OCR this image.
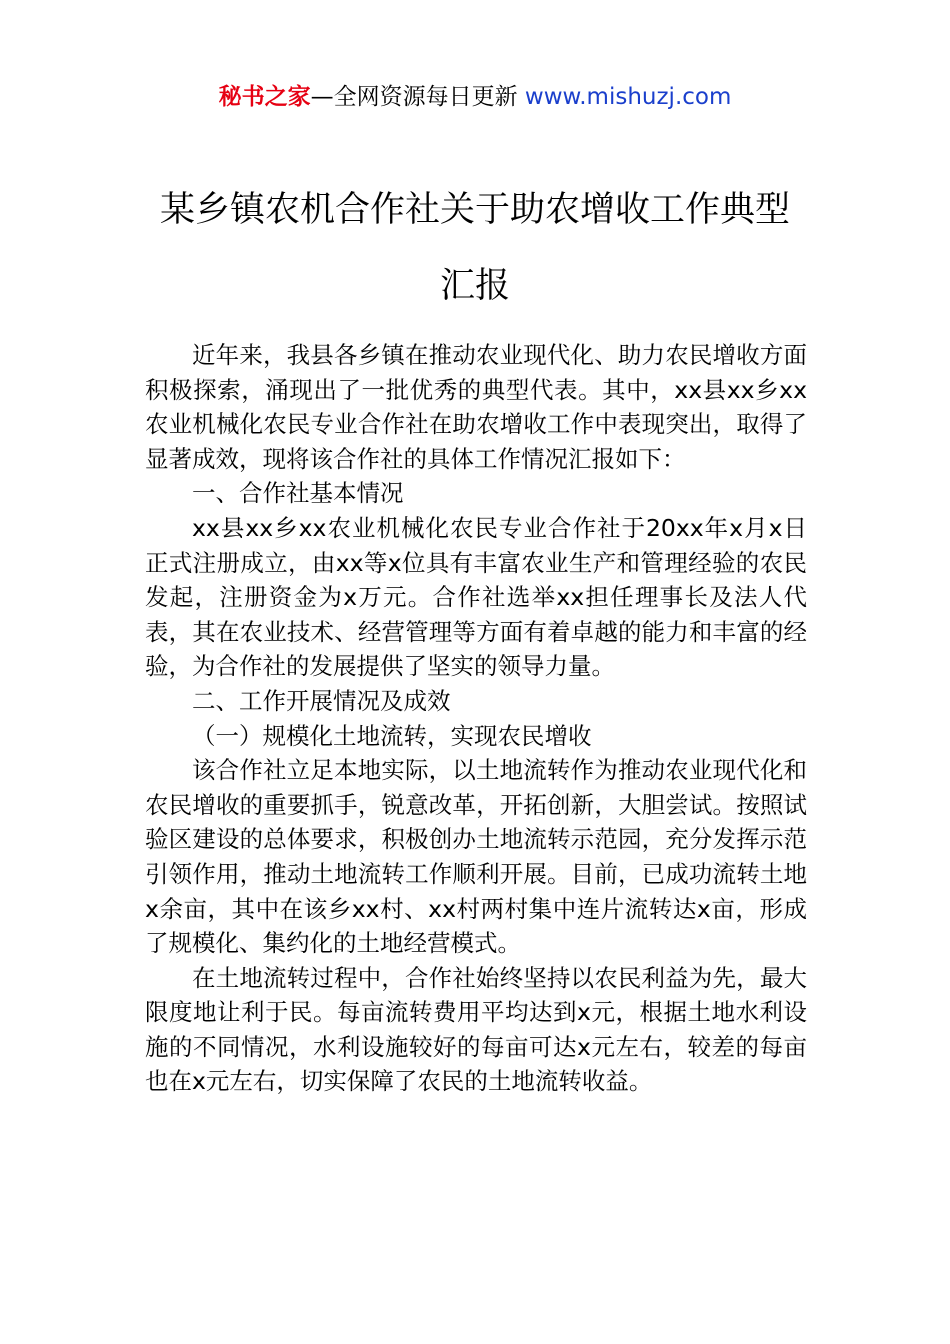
秘书之家—全网资源每日更新 www.mishuzj.com
某乡镇农机合作社关于助农增收工作典型
汇报

近年来，我县各乡镇在推动农业现代化、助力农民增收方面积极探索，涌现出了一批优秀的典型代表。其中，xx县xx乡xx农业机械化农民专业合作社在助农增收工作中表现突出，取得了显著成效，现将该合作社的具体工作情况汇报如下：

一、合作社基本情况

xx县xx乡xx农业机械化农民专业合作社于20xx年x月x日正式注册成立，由xx等x位具有丰富农业生产和管理经验的农民发起，注册资金为x万元。合作社选举xx担任理事长及法人代表，其在农业技术、经营管理等方面有着卓越的能力和丰富的经验，为合作社的发展提供了坚实的领导力量。

二、工作开展情况及成效

（一）规模化土地流转，实现农民增收

该合作社立足本地实际，以土地流转作为推动农业现代化和农民增收的重要抓手，锐意改革，开拓创新，大胆尝试。按照试验区建设的总体要求，积极创办土地流转示范园，充分发挥示范引领作用，推动土地流转工作顺利开展。目前，已成功流转土地x余亩，其中在该乡xx村、xx村两村集中连片流转达x亩，形成了规模化、集约化的土地经营模式。

在土地流转过程中，合作社始终坚持以农民利益为先，最大限度地让利于民。每亩流转费用平均达到x元，根据土地水利设施的不同情况，水利设施较好的每亩可达x元左右，较差的每亩也在x元左右，切实保障了农民的土地流转收益。
